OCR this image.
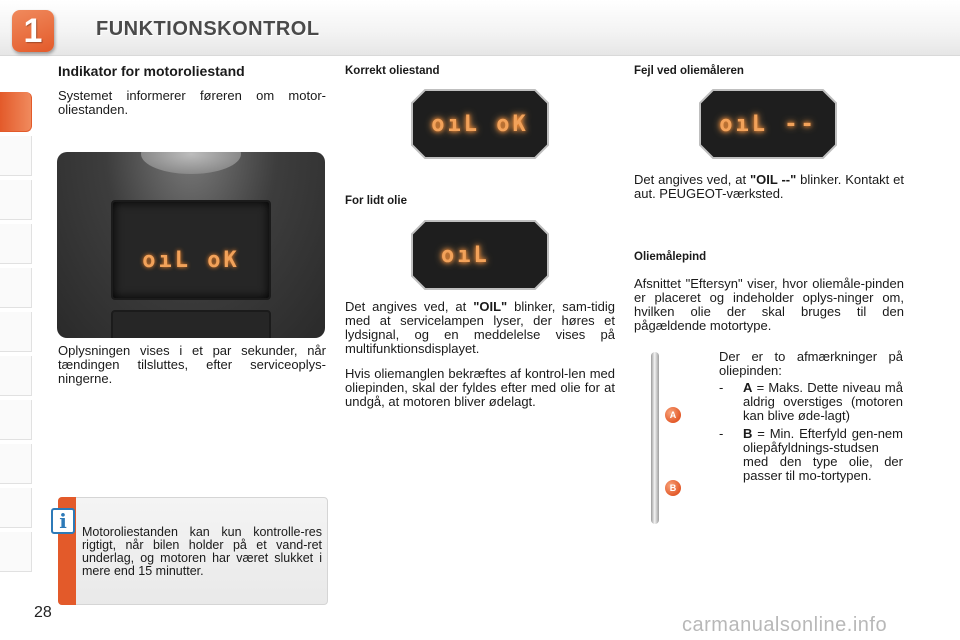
1	FUNKTIONSKONTROL
Indikator for motoroliestand
Systemet informerer føreren om motor-oliestanden.
oıL oK
Oplysningen vises i et par sekunder, når tændingen tilsluttes, efter serviceoplys-ningerne.
i	Motoroliestanden kan kun kontrolle-res rigtigt, når bilen holder på et vand-ret underlag, og motoren har været slukket i mere end 15 minutter.
Korrekt oliestand
oıL oK
For lidt olie
oıL
Det angives ved, at "OIL" blinker, sam-tidig med at servicelampen lyser, der høres et lydsignal, og en meddelelse vises på multifunktionsdisplayet.
Hvis oliemanglen bekræftes af kontrol-len med oliepinden, skal der fyldes efter med olie for at undgå, at motoren bliver ødelagt.
Fejl ved oliemåleren
oıL --
Det angives ved, at "OIL --" blinker. Kontakt et aut. PEUGEOT-værksted.
Oliemålepind
Afsnittet "Eftersyn" viser, hvor oliemåle-pinden er placeret og indeholder oplys-ninger om, hvilken olie der skal bruges til den pågældende motortype.
A
B

Der er to afmærkninger på oliepinden:

- A = Maks. Dette niveau må aldrig overstiges (motoren kan blive øde-lagt)
- B = Min. Efterfyld gen-nem oliepåfyldnings-studsen med den type olie, der passer til mo-tortypen.
28
carmanualsonline.info
